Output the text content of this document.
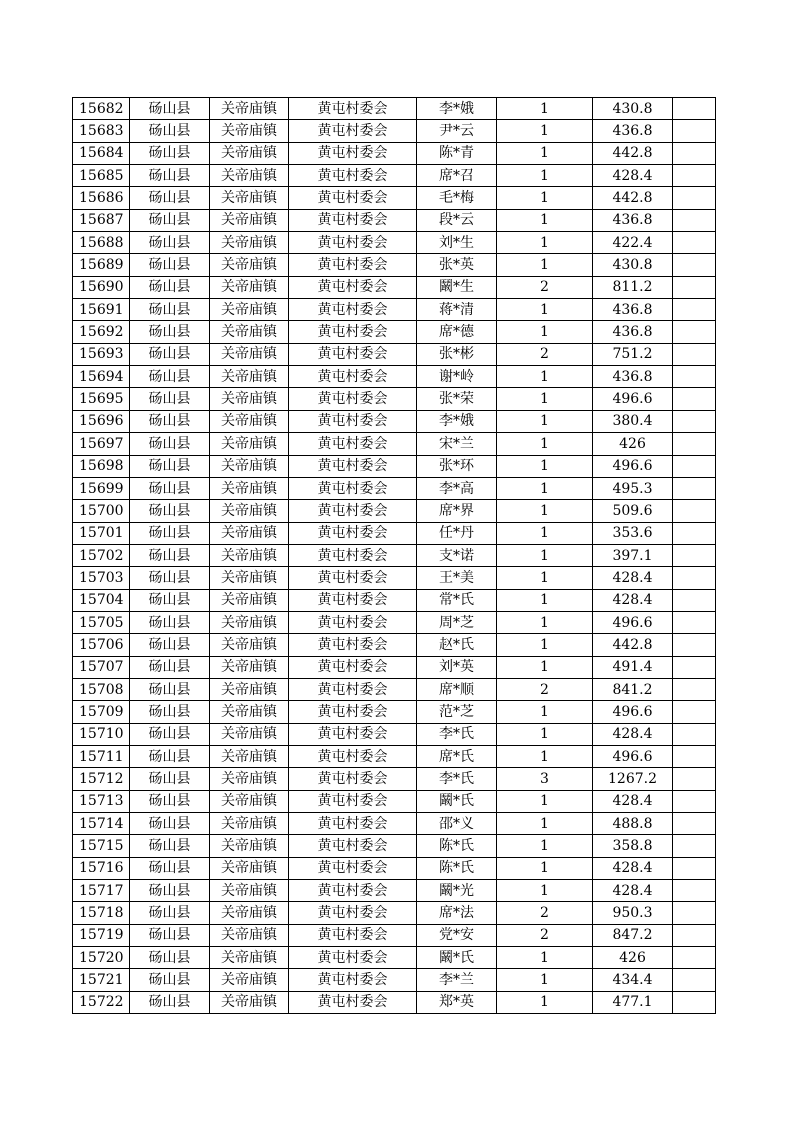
15682	砀山县	关帝庙镇	黄屯村委会	李*娥	1	430.8	
15683	砀山县	关帝庙镇	黄屯村委会	尹*云	1	436.8	
15684	砀山县	关帝庙镇	黄屯村委会	陈*青	1	442.8	
15685	砀山县	关帝庙镇	黄屯村委会	席*召	1	428.4	
15686	砀山县	关帝庙镇	黄屯村委会	毛*梅	1	442.8	
15687	砀山县	关帝庙镇	黄屯村委会	段*云	1	436.8	
15688	砀山县	关帝庙镇	黄屯村委会	刘*生	1	422.4	
15689	砀山县	关帝庙镇	黄屯村委会	张*英	1	430.8	
15690	砀山县	关帝庙镇	黄屯村委会	鬫*生	2	811.2	
15691	砀山县	关帝庙镇	黄屯村委会	蒋*清	1	436.8	
15692	砀山县	关帝庙镇	黄屯村委会	席*德	1	436.8	
15693	砀山县	关帝庙镇	黄屯村委会	张*彬	2	751.2	
15694	砀山县	关帝庙镇	黄屯村委会	谢*岭	1	436.8	
15695	砀山县	关帝庙镇	黄屯村委会	张*荣	1	496.6	
15696	砀山县	关帝庙镇	黄屯村委会	李*娥	1	380.4	
15697	砀山县	关帝庙镇	黄屯村委会	宋*兰	1	426	
15698	砀山县	关帝庙镇	黄屯村委会	张*环	1	496.6	
15699	砀山县	关帝庙镇	黄屯村委会	李*高	1	495.3	
15700	砀山县	关帝庙镇	黄屯村委会	席*界	1	509.6	
15701	砀山县	关帝庙镇	黄屯村委会	任*丹	1	353.6	
15702	砀山县	关帝庙镇	黄屯村委会	支*诺	1	397.1	
15703	砀山县	关帝庙镇	黄屯村委会	王*美	1	428.4	
15704	砀山县	关帝庙镇	黄屯村委会	常*氏	1	428.4	
15705	砀山县	关帝庙镇	黄屯村委会	周*芝	1	496.6	
15706	砀山县	关帝庙镇	黄屯村委会	赵*氏	1	442.8	
15707	砀山县	关帝庙镇	黄屯村委会	刘*英	1	491.4	
15708	砀山县	关帝庙镇	黄屯村委会	席*顺	2	841.2	
15709	砀山县	关帝庙镇	黄屯村委会	范*芝	1	496.6	
15710	砀山县	关帝庙镇	黄屯村委会	李*氏	1	428.4	
15711	砀山县	关帝庙镇	黄屯村委会	席*氏	1	496.6	
15712	砀山县	关帝庙镇	黄屯村委会	李*氏	3	1267.2	
15713	砀山县	关帝庙镇	黄屯村委会	鬫*氏	1	428.4	
15714	砀山县	关帝庙镇	黄屯村委会	邵*义	1	488.8	
15715	砀山县	关帝庙镇	黄屯村委会	陈*氏	1	358.8	
15716	砀山县	关帝庙镇	黄屯村委会	陈*氏	1	428.4	
15717	砀山县	关帝庙镇	黄屯村委会	鬫*光	1	428.4	
15718	砀山县	关帝庙镇	黄屯村委会	席*法	2	950.3	
15719	砀山县	关帝庙镇	黄屯村委会	党*安	2	847.2	
15720	砀山县	关帝庙镇	黄屯村委会	鬫*氏	1	426	
15721	砀山县	关帝庙镇	黄屯村委会	李*兰	1	434.4	
15722	砀山县	关帝庙镇	黄屯村委会	郑*英	1	477.1	
